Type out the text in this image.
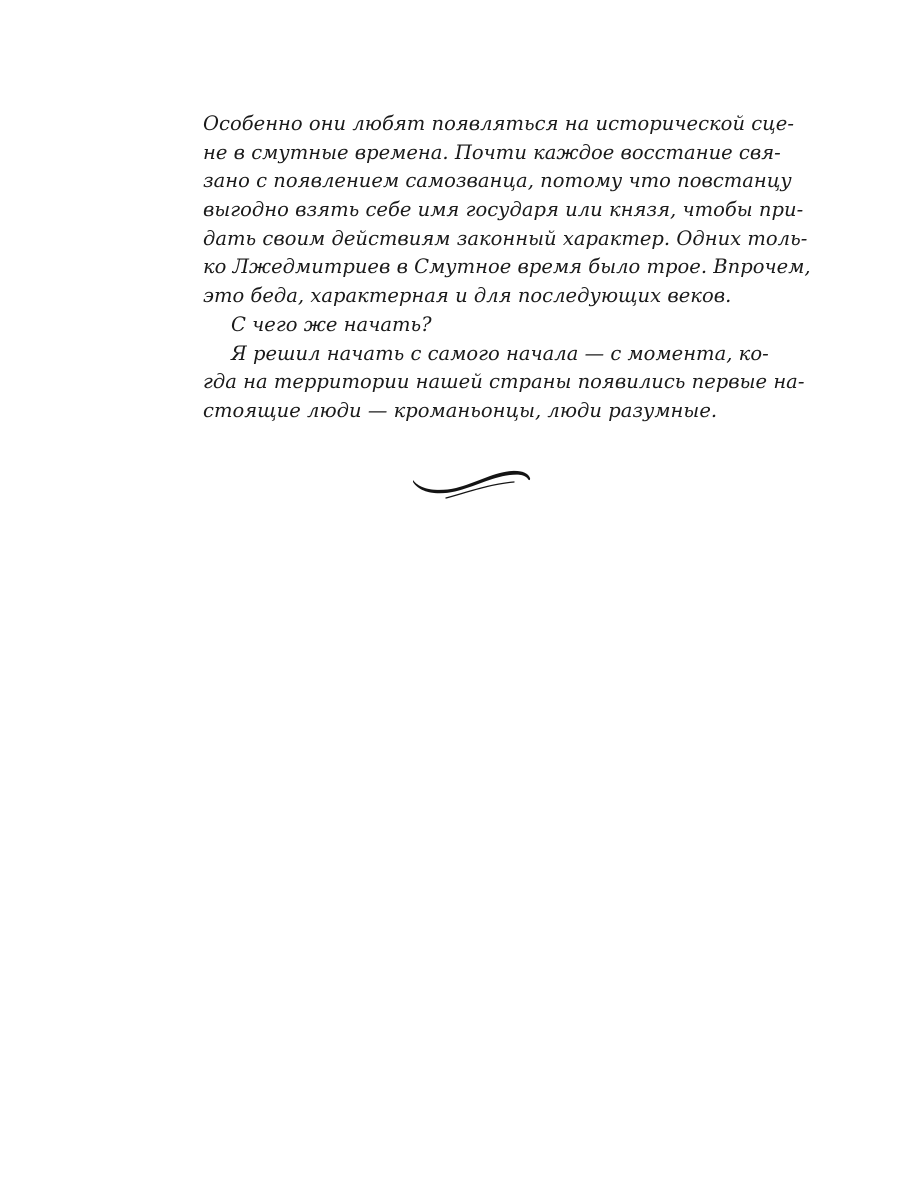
Особенно они любят появляться на исторической сце-
не в смутные времена. Почти каждое восстание свя-
зано с появлением самозванца, потому что повстанцу
выгодно взять себе имя государя или князя, чтобы при-
дать своим действиям законный характер. Одних толь-
ко Лжедмитриев в Смутное время было трое. Впрочем,
это беда, характерная и для последующих веков.
С чего же начать?
Я решил начать с самого начала — с момента, ко-
гда на территории нашей страны появились первые на-
стоящие люди — кроманьонцы, люди разумные.
